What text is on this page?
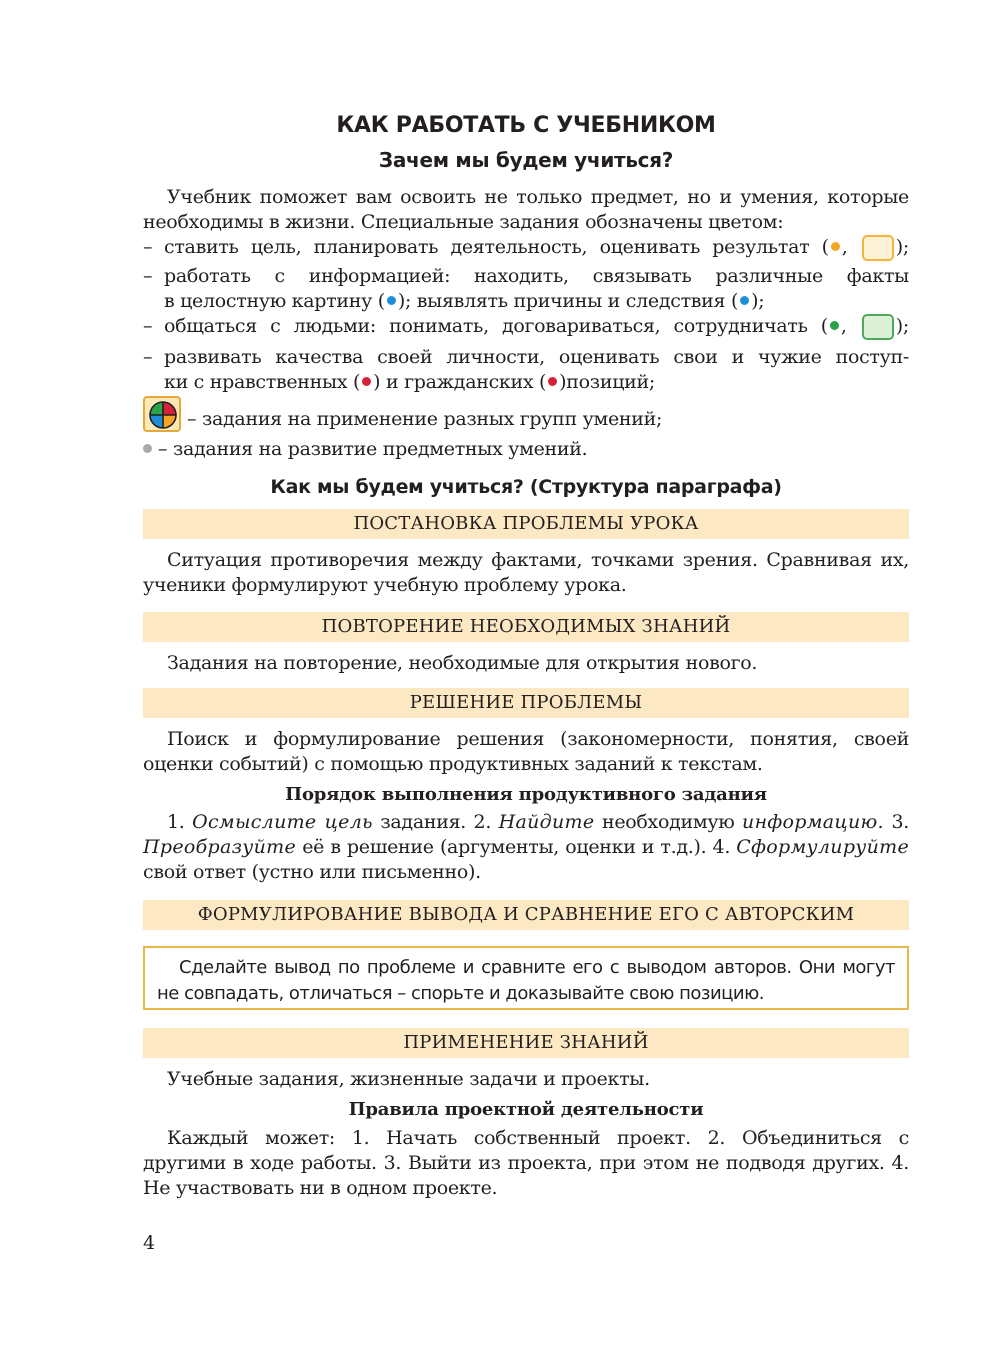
КАК РАБОТАТЬ С УЧЕБНИКОМ
Зачем мы будем учиться?
Учебник поможет вам освоить не только предмет, но и умения, которые необходимы в жизни. Специальные задания обозначены цветом:
– ставить цель, планировать деятельность, оценивать результат ( ,	);
– работать с информацией: находить, связывать различные факты
в целостную картину ( ); выявлять причины и следствия ( );
– общаться с людьми: понимать, договариваться, сотрудничать ( ,	);
– развивать качества своей личности, оценивать свои и чужие поступ-
ки с нравственных ( ) и гражданских ( )позиций;
– задания на применение разных групп умений;
– задания на развитие предметных умений.
Как мы будем учиться? (Структура параграфа)
ПОСТАНОВКА ПРОБЛЕМЫ УРОКА
Ситуация противоречия между фактами, точками зрения. Сравнивая их, ученики формулируют учебную проблему урока.
ПОВТОРЕНИЕ НЕОБХОДИМЫХ ЗНАНИЙ
Задания на повторение, необходимые для открытия нового.
РЕШЕНИЕ ПРОБЛЕМЫ
Поиск и формулирование решения (закономерности, понятия, своей оценки событий) с помощью продуктивных заданий к текстам.
Порядок выполнения продуктивного задания
1. Осмыслите цель задания. 2. Найдите необходимую информацию. 3. Преобразуйте её в решение (аргументы, оценки и т.д.). 4. Сформулируйте свой ответ (устно или письменно).
ФОРМУЛИРОВАНИЕ ВЫВОДА И СРАВНЕНИЕ ЕГО С АВТОРСКИМ
Сделайте вывод по проблеме и сравните его с выводом авторов. Они могут не совпадать, отличаться – спорьте и доказывайте свою позицию.
ПРИМЕНЕНИЕ ЗНАНИЙ
Учебные задания, жизненные задачи и проекты.
Правила проектной деятельности
Каждый может: 1. Начать собственный проект. 2. Объединиться с другими в ходе работы. 3. Выйти из проекта, при этом не подводя других. 4. Не участвовать ни в одном проекте.
4
